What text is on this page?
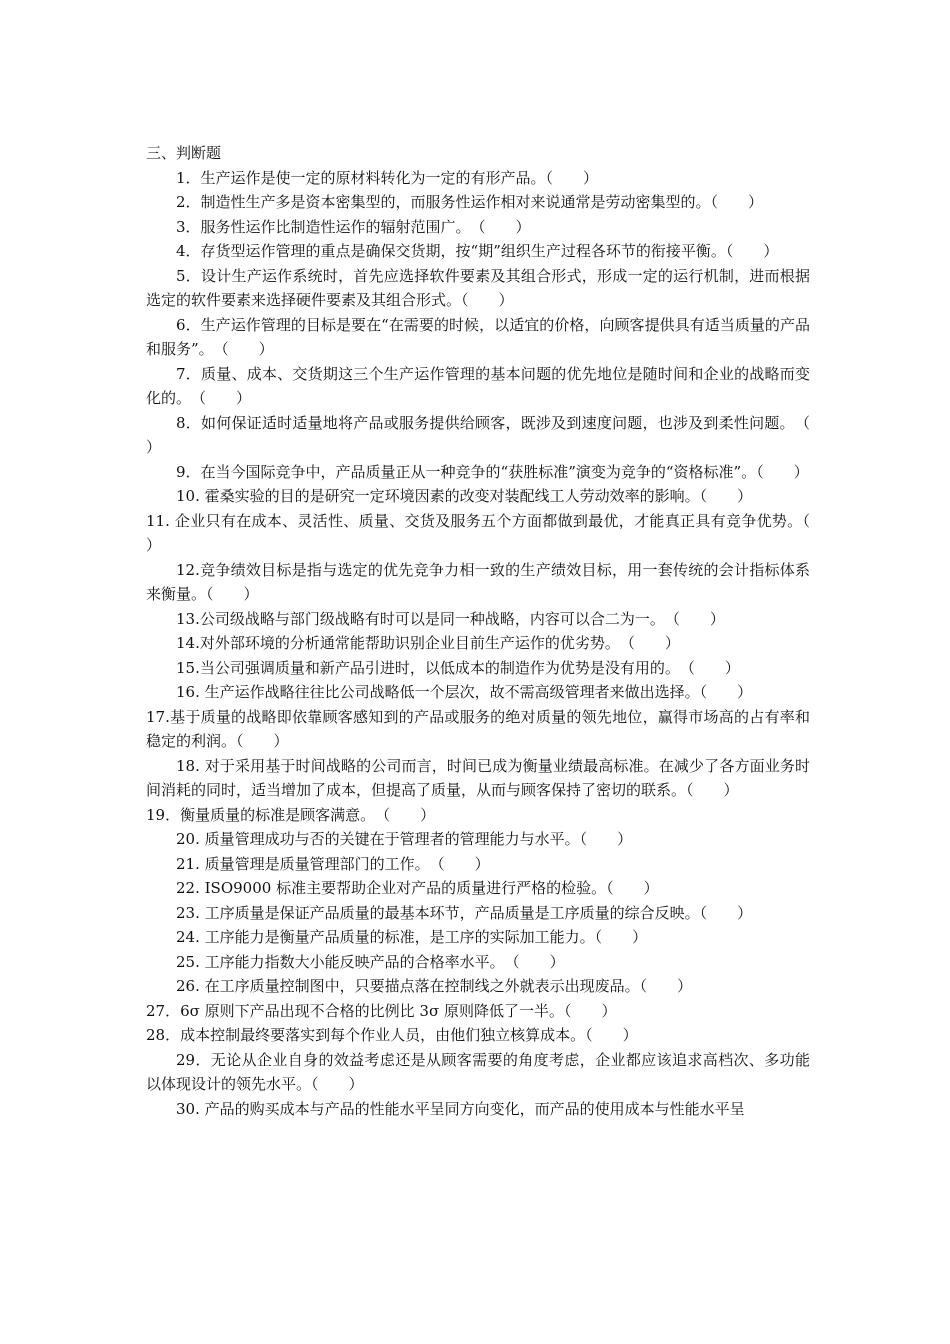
三、判断题

1．生产运作是使一定的原材料转化为一定的有形产品。（　　）

2．制造性生产多是资本密集型的，而服务性运作相对来说通常是劳动密集型的。（　　）

3．服务性运作比制造性运作的辐射范围广。　（　　）

4．存货型运作管理的重点是确保交货期，按“期”组织生产过程各环节的衔接平衡。（　　）

5．设计生产运作系统时，首先应选择软件要素及其组合形式，形成一定的运行机制，进而根据选定的软件要素来选择硬件要素及其组合形式。（　　）

6．生产运作管理的目标是要在“在需要的时候，以适宜的价格，向顾客提供具有适当质量的产品和服务”。　（　　）

7．质量、成本、交货期这三个生产运作管理的基本问题的优先地位是随时间和企业的战略而变化的。　（　　）

8．如何保证适时适量地将产品或服务提供给顾客，既涉及到速度问题，也涉及到柔性问题。　（　　）

9．在当今国际竞争中，产品质量正从一种竞争的“获胜标准”演变为竞争的“资格标准”。（　　）

10. 霍桑实验的目的是研究一定环境因素的改变对装配线工人劳动效率的影响。（　　）

11. 企业只有在成本、灵活性、质量、交货及服务五个方面都做到最优，才能真正具有竞争优势。（　　）

12.竞争绩效目标是指与选定的优先竞争力相一致的生产绩效目标，用一套传统的会计指标体系来衡量。（　　）

13.公司级战略与部门级战略有时可以是同一种战略，内容可以合二为一。　（　　）

14.对外部环境的分析通常能帮助识别企业目前生产运作的优劣势。　（　　）

15.当公司强调质量和新产品引进时，以低成本的制造作为优势是没有用的。　（　　）

16. 生产运作战略往往比公司战略低一个层次，故不需高级管理者来做出选择。（　　）

17.基于质量的战略即依靠顾客感知到的产品或服务的绝对质量的领先地位，赢得市场高的占有率和稳定的利润。（　　）

18. 对于采用基于时间战略的公司而言，时间已成为衡量业绩最高标准。在减少了各方面业务时间消耗的同时，适当增加了成本，但提高了质量，从而与顾客保持了密切的联系。（　　）

19．衡量质量的标准是顾客满意。　（　　）

20. 质量管理成功与否的关键在于管理者的管理能力与水平。（　　）

21. 质量管理是质量管理部门的工作。　（　　）

22. ISO9000 标准主要帮助企业对产品的质量进行严格的检验。（　　）

23. 工序质量是保证产品质量的最基本环节，产品质量是工序质量的综合反映。（　　）

24. 工序能力是衡量产品质量的标准，是工序的实际加工能力。（　　）

25. 工序能力指数大小能反映产品的合格率水平。　（　　）

26. 在工序质量控制图中，只要描点落在控制线之外就表示出现废品。（　　）

27．6σ 原则下产品出现不合格的比例比 3σ 原则降低了一半。（　　）

28．成本控制最终要落实到每个作业人员，由他们独立核算成本。（　　）

29．无论从企业自身的效益考虑还是从顾客需要的角度考虑，企业都应该追求高档次、多功能以体现设计的领先水平。（　　）

30. 产品的购买成本与产品的性能水平呈同方向变化，而产品的使用成本与性能水平呈
